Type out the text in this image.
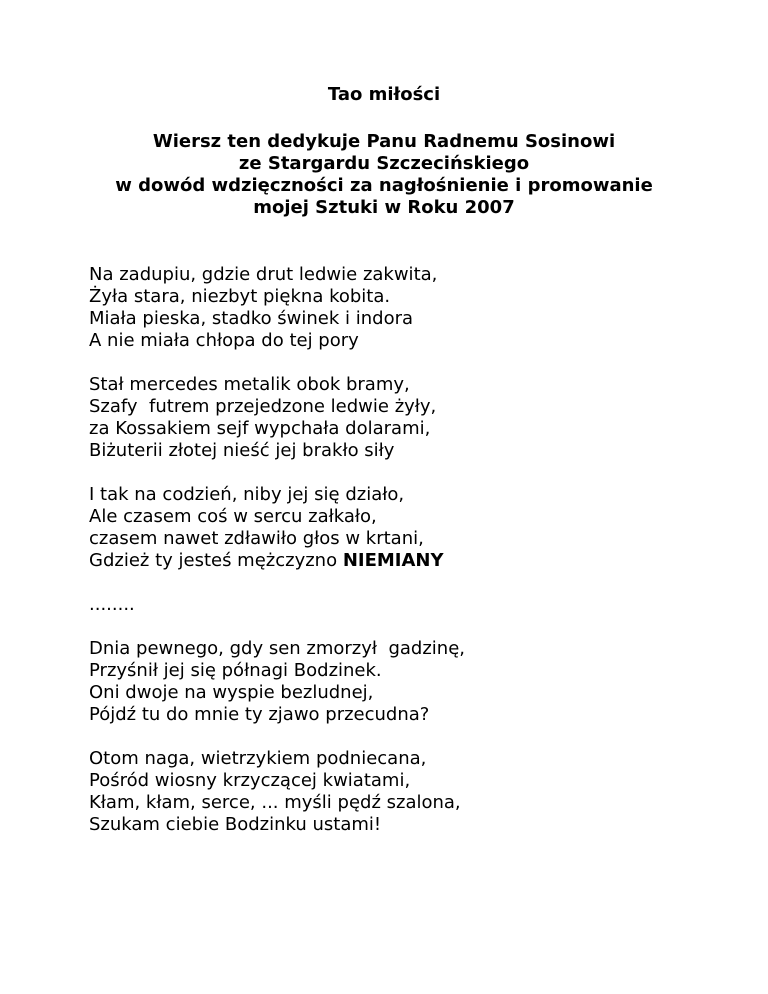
Tao miłości
Wiersz ten dedykuje Panu Radnemu Sosinowi
ze Stargardu Szczecińskiego
w dowód wdzięczności za nagłośnienie i promowanie
mojej Sztuki w Roku 2007
Na zadupiu, gdzie drut ledwie zakwita,
Żyła stara, niezbyt piękna kobita.
Miała pieska, stadko świnek i indora
A nie miała chłopa do tej pory
Stał mercedes metalik obok bramy,
Szafy  futrem przejedzone ledwie żyły,
za Kossakiem sejf wypchała dolarami,
Biżuterii złotej nieść jej brakło siły
I tak na codzień, niby jej się działo,
Ale czasem coś w sercu załkało,
czasem nawet zdławiło głos w krtani,
Gdzież ty jesteś mężczyzno NIEMIANY
........
Dnia pewnego, gdy sen zmorzył  gadzinę,
Przyśnił jej się półnagi Bodzinek.
Oni dwoje na wyspie bezludnej,
Pójdź tu do mnie ty zjawo przecudna?
Otom naga, wietrzykiem podniecana,
Pośród wiosny krzyczącej kwiatami,
Kłam, kłam, serce, ... myśli pędź szalona,
Szukam ciebie Bodzinku ustami!
